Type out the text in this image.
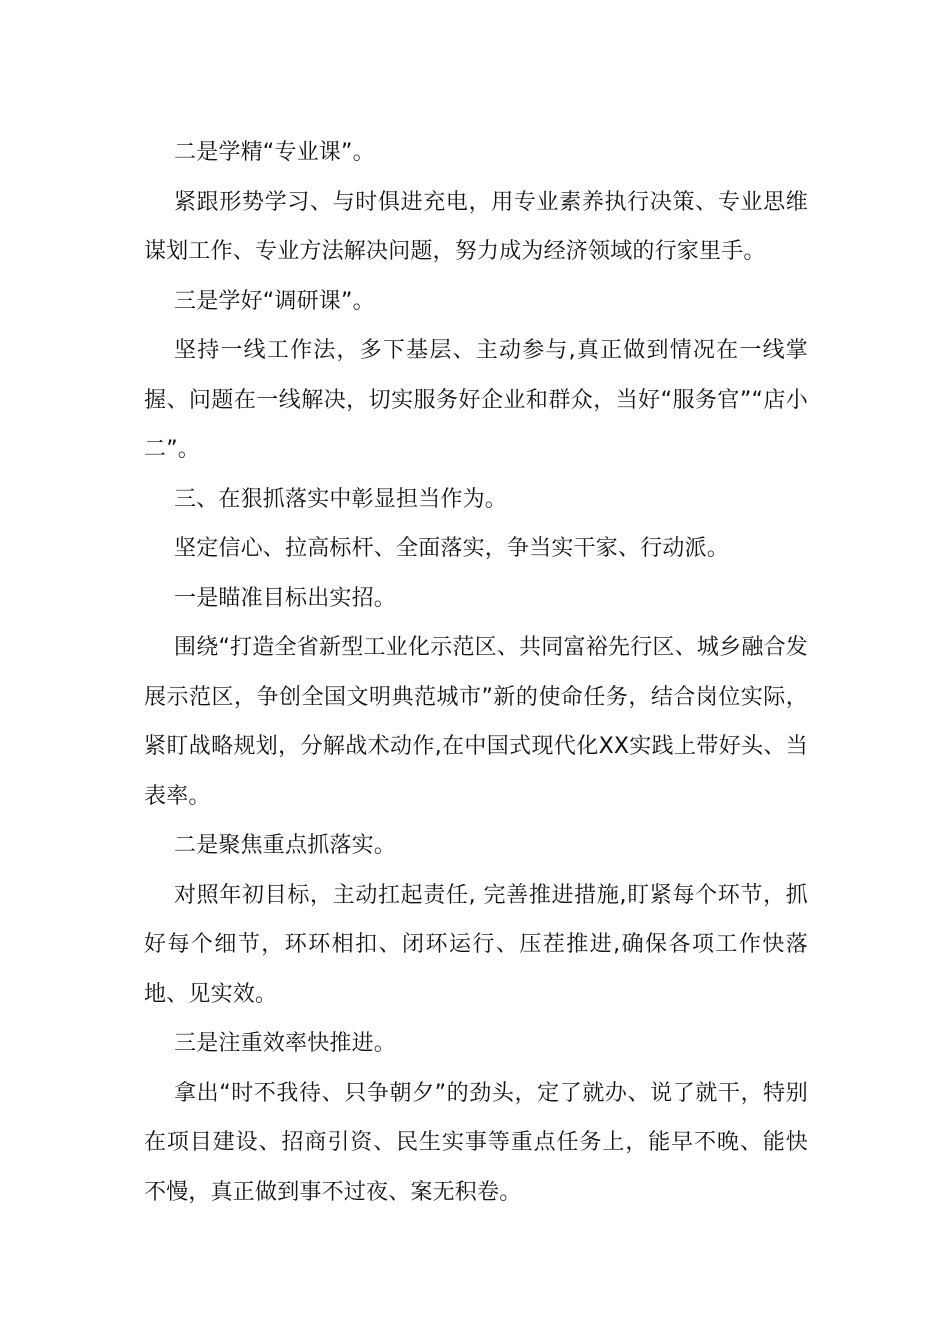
二是学精“专业课”。

紧跟形势学习、与时俱进充电，用专业素养执行决策、专业思维谋划工作、专业方法解决问题，努力成为经济领域的行家里手。

三是学好“调研课”。

坚持一线工作法，多下基层、主动参与,真正做到情况在一线掌握、问题在一线解决，切实服务好企业和群众，当好“服务官”“店小二”。

三、在狠抓落实中彰显担当作为。

坚定信心、拉高标杆、全面落实，争当实干家、行动派。

一是瞄准目标出实招。

围绕“打造全省新型工业化示范区、共同富裕先行区、城乡融合发展示范区，争创全国文明典范城市”新的使命任务，结合岗位实际，紧盯战略规划，分解战术动作,在中国式现代化XX实践上带好头、当表率。

二是聚焦重点抓落实。

对照年初目标，主动扛起责任, 完善推进措施,盯紧每个环节，抓好每个细节，环环相扣、闭环运行、压茬推进,确保各项工作快落地、见实效。

三是注重效率快推进。

拿出“时不我待、只争朝夕”的劲头，定了就办、说了就干，特别在项目建设、招商引资、民生实事等重点任务上，能早不晚、能快不慢，真正做到事不过夜、案无积卷。
